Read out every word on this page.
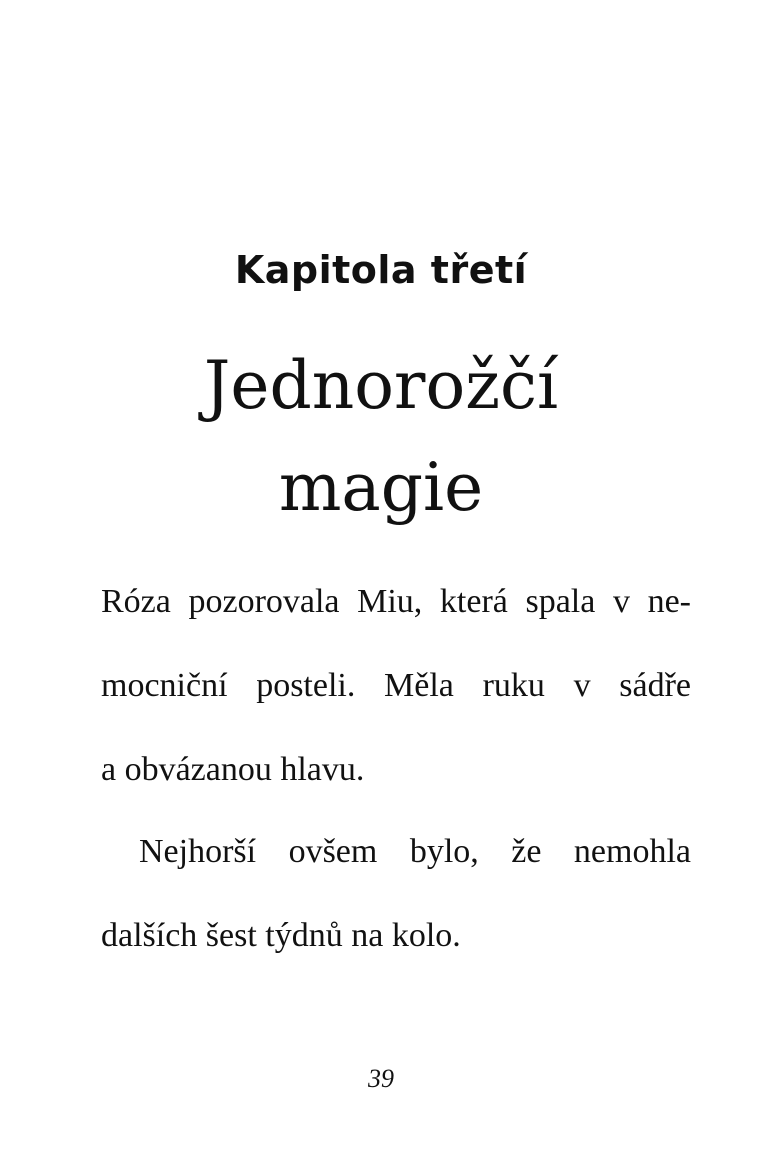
Kapitola třetí
Jednorožčí
magie
Róza pozorovala Miu, která spala v ne-
mocniční posteli. Měla ruku v sádře
a obvázanou hlavu.
Nejhorší ovšem bylo, že nemohla
dalších šest týdnů na kolo.
39
